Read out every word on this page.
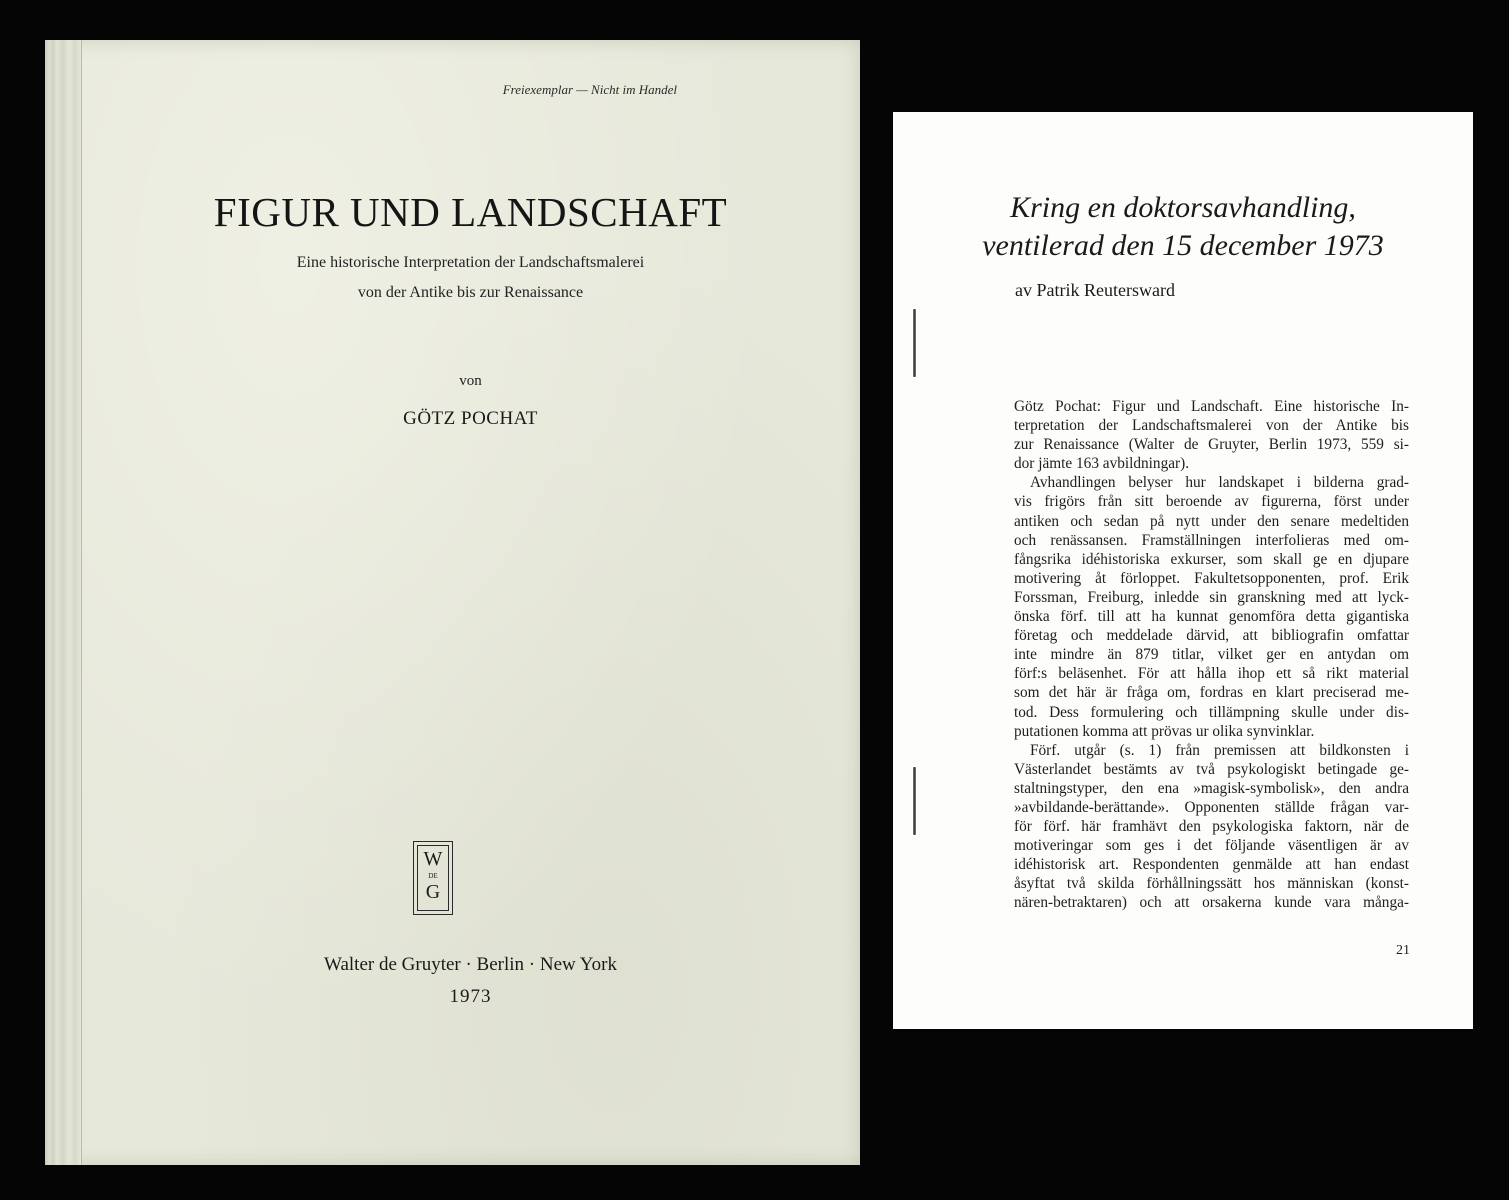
Freiexemplar — Nicht im Handel
FIGUR UND LANDSCHAFT
Eine historische Interpretation der Landschaftsmalerei
von der Antike bis zur Renaissance
von
GÖTZ POCHAT
W
DE
G
Walter de Gruyter · Berlin · New York
1973
Kring en doktorsavhandling,
ventilerad den 15 december 1973
av Patrik Reutersward
Götz Pochat: Figur und Landschaft. Eine historische In-
terpretation der Landschaftsmalerei von der Antike bis
zur Renaissance (Walter de Gruyter, Berlin 1973, 559 si-
dor jämte 163 avbildningar).
Avhandlingen belyser hur landskapet i bilderna grad-
vis frigörs från sitt beroende av figurerna, först under
antiken och sedan på nytt under den senare medeltiden
och renässansen. Framställningen interfolieras med om-
fångsrika idéhistoriska exkurser, som skall ge en djupare
motivering åt förloppet. Fakultetsopponenten, prof. Erik
Forssman, Freiburg, inledde sin granskning med att lyck-
önska förf. till att ha kunnat genomföra detta gigantiska
företag och meddelade därvid, att bibliografin omfattar
inte mindre än 879 titlar, vilket ger en antydan om
förf:s beläsenhet. För att hålla ihop ett så rikt material
som det här är fråga om, fordras en klart preciserad me-
tod. Dess formulering och tillämpning skulle under dis-
putationen komma att prövas ur olika synvinklar.
Förf. utgår (s. 1) från premissen att bildkonsten i
Västerlandet bestämts av två psykologiskt betingade ge-
staltningstyper, den ena »magisk-symbolisk», den andra
»avbildande-berättande». Opponenten ställde frågan var-
för förf. här framhävt den psykologiska faktorn, när de
motiveringar som ges i det följande väsentligen är av
idéhistorisk art. Respondenten genmälde att han endast
åsyftat två skilda förhållningssätt hos människan (konst-
nären-betraktaren) och att orsakerna kunde vara många-
21
